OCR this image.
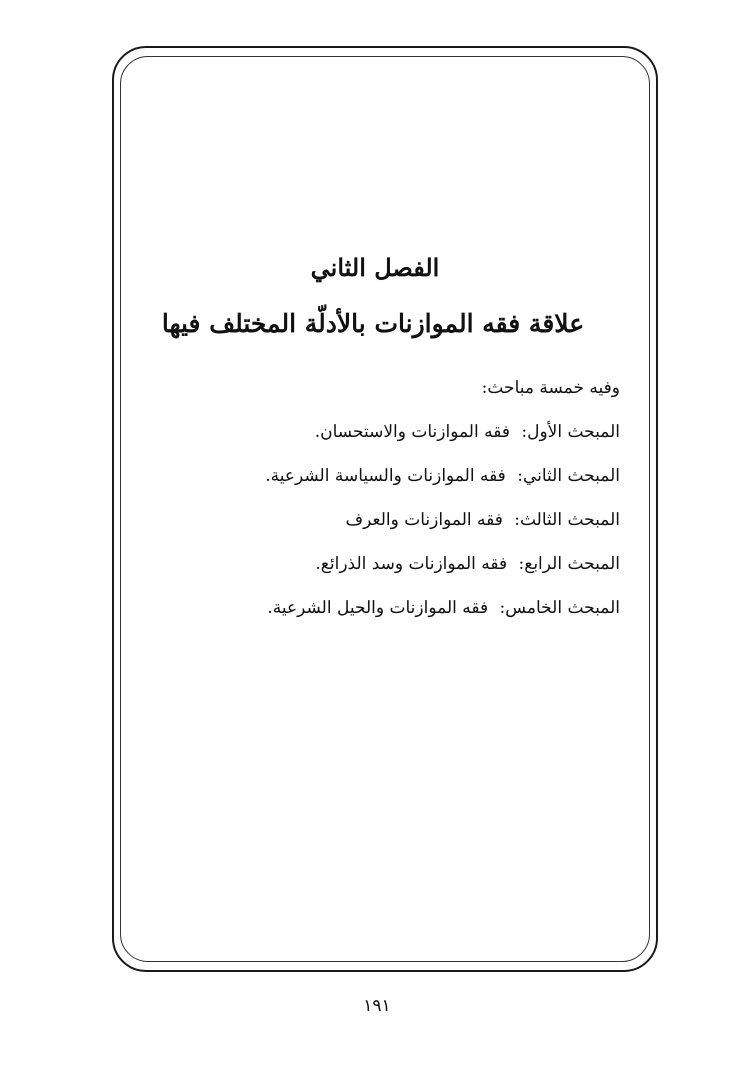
الفصل الثاني
علاقة فقه الموازنات بالأدلّة المختلف فيها
وفيه خمسة مباحث:
المبحث الأول: فقه الموازنات والاستحسان.
المبحث الثاني: فقه الموازنات والسياسة الشرعية.
المبحث الثالث: فقه الموازنات والعرف
المبحث الرابع: فقه الموازنات وسد الذرائع.
المبحث الخامس: فقه الموازنات والحيل الشرعية.
١٩١
